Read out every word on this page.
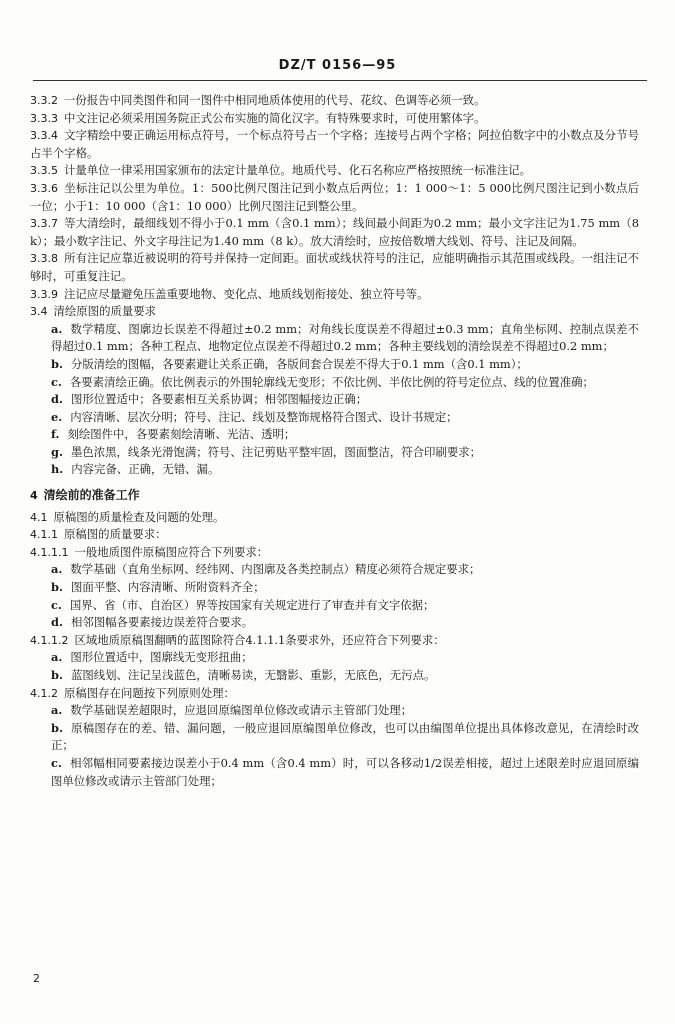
DZ/T 0156—95

3.3.2 一份报告中同类图件和同一图件中相同地质体使用的代号、花纹、色调等必须一致。

3.3.3 中文注记必须采用国务院正式公布实施的简化汉字。有特殊要求时，可使用繁体字。

3.3.4 文字精绘中要正确运用标点符号，一个标点符号占一个字格；连接号占两个字格；阿拉伯数字中的小数点及分节号占半个字格。

3.3.5 计量单位一律采用国家颁布的法定计量单位。地质代号、化石名称应严格按照统一标准注记。

3.3.6 坐标注记以公里为单位。1：500比例尺图注记到小数点后两位；1：1 000～1：5 000比例尺图注记到小数点后一位；小于1：10 000（含1：10 000）比例尺图注记到整公里。

3.3.7 等大清绘时，最细线划不得小于0.1 mm（含0.1 mm）；线间最小间距为0.2 mm；最小文字注记为1.75 mm（8 k）；最小数字注记、外文字母注记为1.40 mm（8 k）。放大清绘时，应按倍数增大线划、符号、注记及间隔。

3.3.8 所有注记应靠近被说明的符号并保持一定间距。面状或线状符号的注记，应能明确指示其范围或线段。一组注记不够时，可重复注记。

3.3.9 注记应尽量避免压盖重要地物、变化点、地质线划衔接处、独立符号等。

3.4 清绘原图的质量要求

a. 数学精度、图廓边长误差不得超过±0.2 mm；对角线长度误差不得超过±0.3 mm；直角坐标网、控制点误差不得超过0.1 mm；各种工程点、地物定位点误差不得超过0.2 mm；各种主要线划的清绘误差不得超过0.2 mm；

b. 分版清绘的图幅，各要素避让关系正确，各版间套合误差不得大于0.1 mm（含0.1 mm）；

c. 各要素清绘正确。依比例表示的外围轮廓线无变形；不依比例、半依比例的符号定位点、线的位置准确；

d. 图形位置适中；各要素相互关系协调；相邻图幅接边正确；

e. 内容清晰、层次分明；符号、注记、线划及整饰规格符合图式、设计书规定；

f. 刻绘图件中，各要素刻绘清晰、光洁、透明；

g. 墨色浓黑，线条光滑饱满；符号、注记剪贴平整牢固，图面整洁，符合印刷要求；

h. 内容完备、正确，无错、漏。

4 清绘前的准备工作

4.1 原稿图的质量检查及问题的处理。

4.1.1 原稿图的质量要求：

4.1.1.1 一般地质图件原稿图应符合下列要求：

a. 数学基础（直角坐标网、经纬网、内图廓及各类控制点）精度必须符合规定要求；

b. 图面平整、内容清晰、所附资料齐全；

c. 国界、省（市、自治区）界等按国家有关规定进行了审查并有文字依据；

d. 相邻图幅各要素接边误差符合要求。

4.1.1.2 区域地质原稿图翻晒的蓝图除符合4.1.1.1条要求外，还应符合下列要求：

a. 图形位置适中，图廓线无变形扭曲；

b. 蓝图线划、注记呈浅蓝色，清晰易读，无翳影、重影，无底色，无污点。

4.1.2 原稿图存在问题按下列原则处理：

a. 数学基础误差超限时，应退回原编图单位修改或请示主管部门处理；

b. 原稿图存在的差、错、漏问题，一般应退回原编图单位修改，也可以由编图单位提出具体修改意见，在清绘时改正；

c. 相邻幅相同要素接边误差小于0.4 mm（含0.4 mm）时，可以各移动1/2误差相接，超过上述限差时应退回原编图单位修改或请示主管部门处理；

2
